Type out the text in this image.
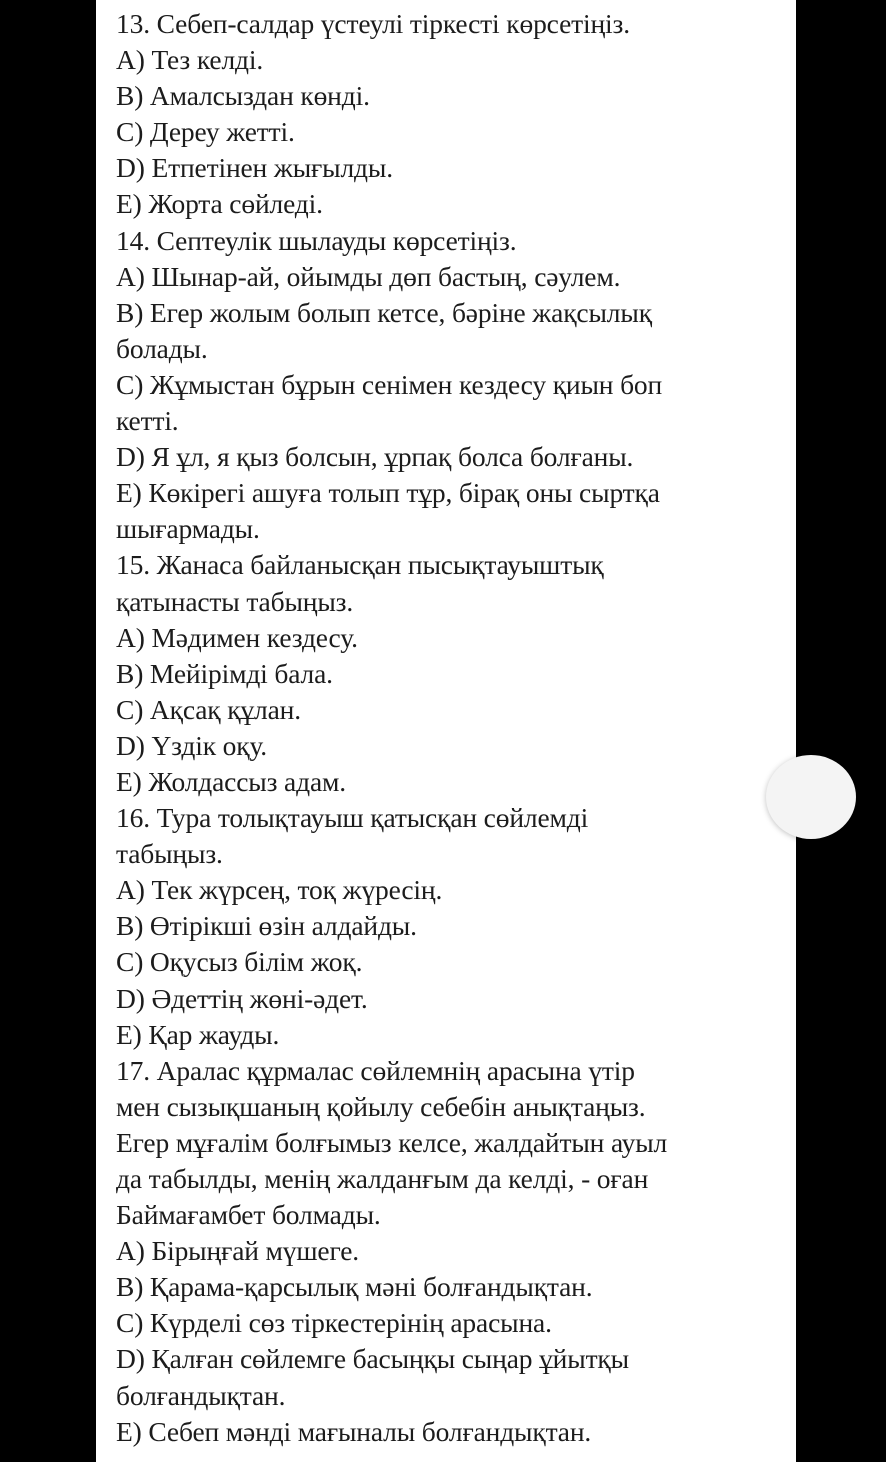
13. Себеп-салдар үстеулі тіркесті көрсетіңіз.
A) Тез келді.
B) Амалсыздан көнді.
C) Дереу жетті.
D) Етпетінен жығылды.
E) Жорта сөйледі.
14. Септеулік шылауды көрсетіңіз.
A) Шынар-ай, ойымды дөп бастың, сәулем.
B) Егер жолым болып кетсе, бәріне жақсылық
болады.
C) Жұмыстан бұрын сенімен кездесу қиын боп
кетті.
D) Я ұл, я қыз болсын, ұрпақ болса болғаны.
E) Көкірегі ашуға толып тұр, бірақ оны сыртқа
шығармады.
15. Жанаса байланысқан пысықтауыштық
қатынасты табыңыз.
A) Мәдимен кездесу.
B) Мейірімді бала.
C) Ақсақ құлан.
D) Үздік оқу.
E) Жолдассыз адам.
16. Тура толықтауыш қатысқан сөйлемді
табыңыз.
A) Тек жүрсең, тоқ жүресің.
B) Өтірікші өзін алдайды.
C) Оқусыз білім жоқ.
D) Әдеттің жөні-әдет.
E) Қар жауды.
17. Аралас құрмалас сөйлемнің арасына үтір
мен сызықшаның қойылу себебін анықтаңыз.
Егер мұғалім болғымыз келсе, жалдайтын ауыл
да табылды, менің жалданғым да келді, - оған
Баймағамбет болмады.
A) Бірыңғай мүшеге.
B) Қарама-қарсылық мәні болғандықтан.
C) Күрделі сөз тіркестерінің арасына.
D) Қалған сөйлемге басыңқы сыңар ұйытқы
болғандықтан.
E) Себеп мәнді мағыналы болғандықтан.
